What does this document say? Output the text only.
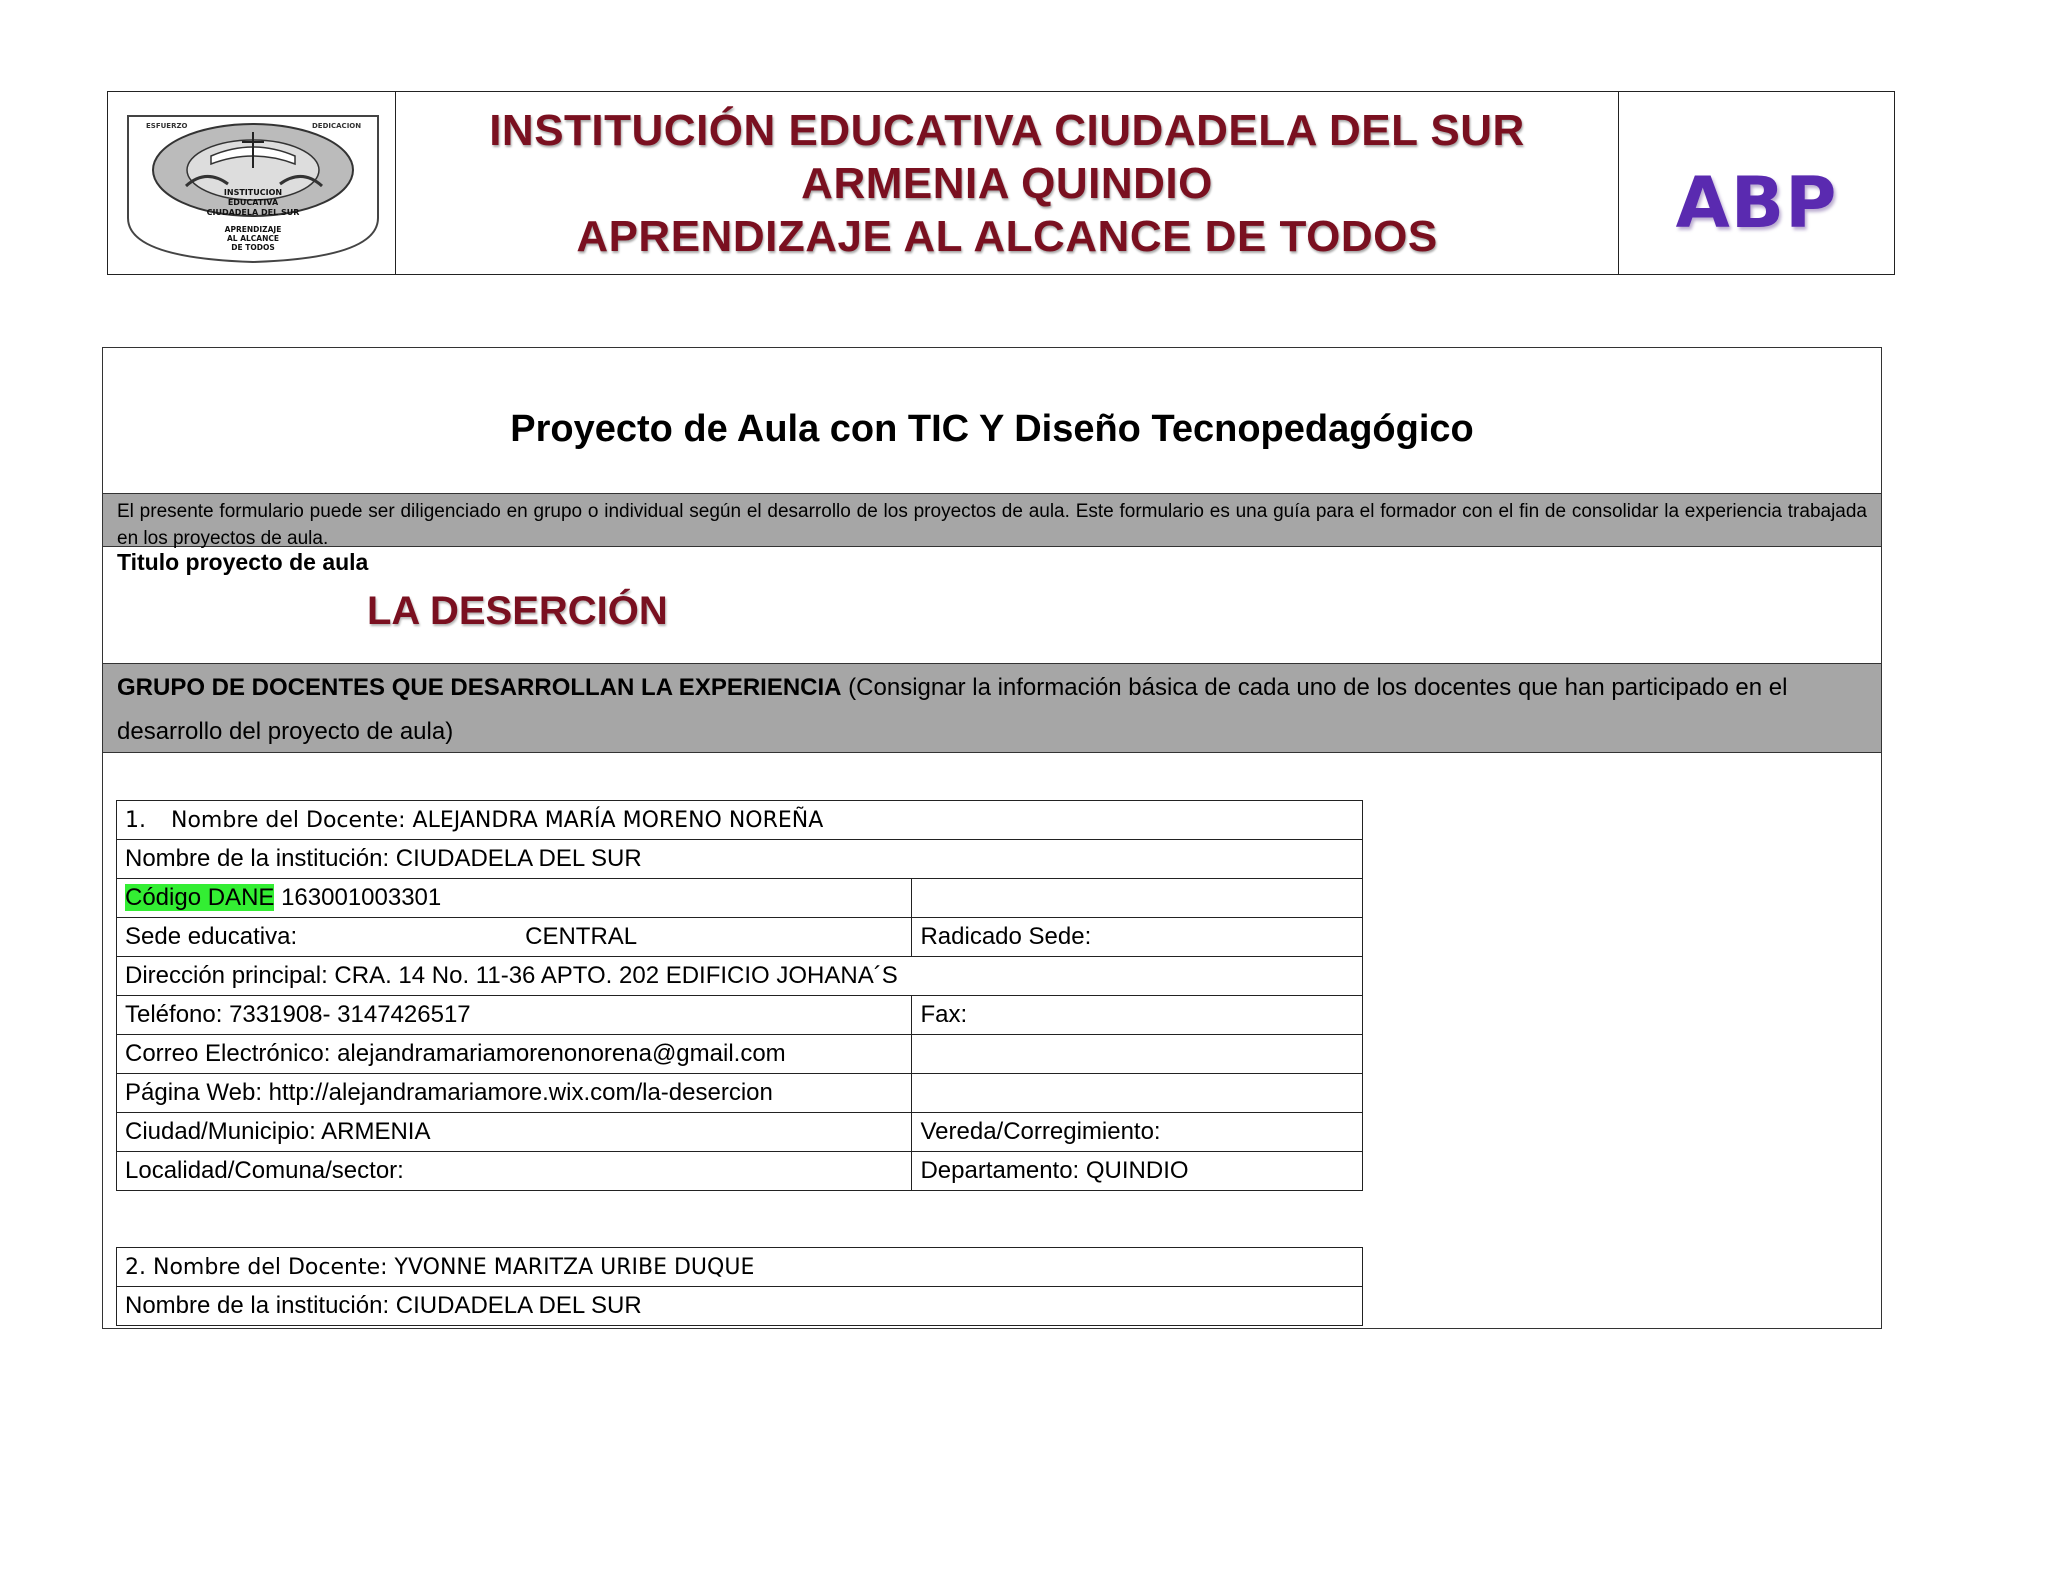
ESFUERZO	DEDICACION
INSTITUCION
EDUCATIVA
CIUDADELA DEL SUR
APRENDIZAJE
AL ALCANCE
DE TODOS
INSTITUCIÓN EDUCATIVA CIUDADELA DEL SUR
ARMENIA QUINDIO
APRENDIZAJE AL ALCANCE DE TODOS	ABP
Proyecto de Aula con TIC Y Diseño Tecnopedagógico
El presente formulario puede ser diligenciado en grupo o individual según el desarrollo de los proyectos de aula. Este formulario es una guía para el formador con el fin de consolidar la experiencia trabajada en los proyectos de aula.
Titulo proyecto de aula
LA DESERCIÓN
GRUPO DE DOCENTES QUE DESARROLLAN LA EXPERIENCIA (Consignar la información básica de cada uno de los docentes que han participado en el desarrollo del proyecto de aula)
1. Nombre del Docente: ALEJANDRA MARÍA MORENO NOREÑA	
Nombre de la institución: CIUDADELA DEL SUR	
Código DANE 163001003301	
Sede educativa: CENTRAL	Radicado Sede:
Dirección principal: CRA. 14 No. 11-36 APTO. 202 EDIFICIO JOHANA´S	
Teléfono: 7331908- 3147426517	Fax:
Correo Electrónico: alejandramariamorenonorena@gmail.com	
Página Web: http://alejandramariamore.wix.com/la-desercion	
Ciudad/Municipio: ARMENIA	Vereda/Corregimiento:
Localidad/Comuna/sector:	Departamento: QUINDIO
2. Nombre del Docente: YVONNE MARITZA URIBE DUQUE
Nombre de la institución: CIUDADELA DEL SUR
